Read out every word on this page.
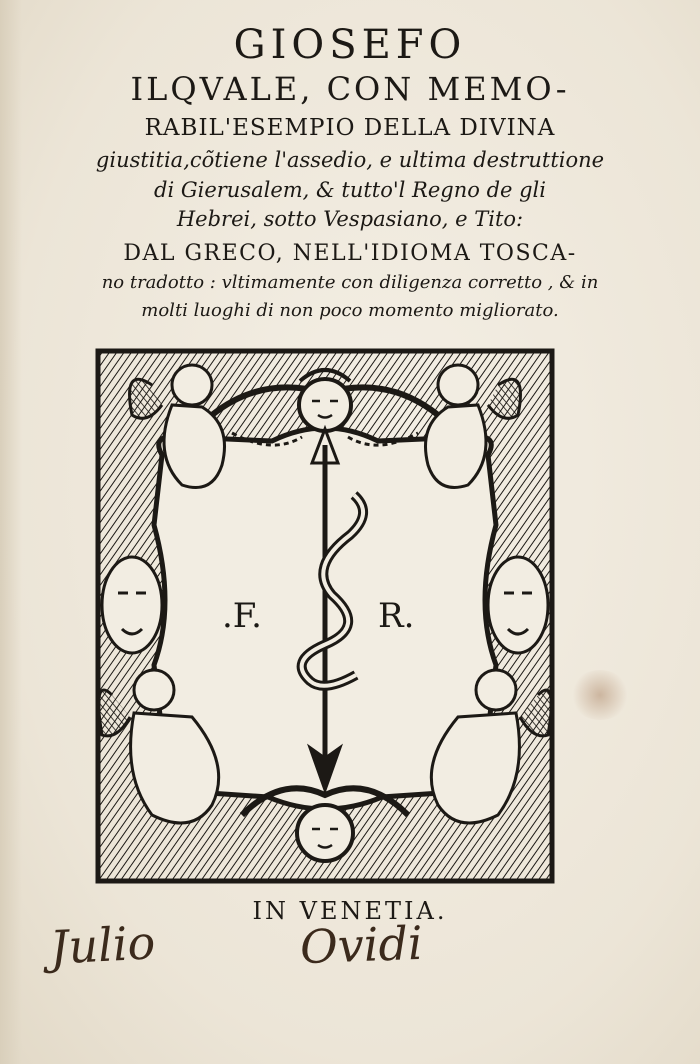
GIOSEFO
ILQVALE, CON MEMO-
RABIL'ESEMPIO DELLA DIVINA
giustitia,cõtiene l'assedio, e ultima destruttione
di Gierusalem, & tutto'l Regno de gli
Hebrei, sotto Vespasiano, e Tito:
DAL GRECO, NELL'IDIOMA TOSCA-
no tradotto : vltimamente con diligenza corretto , & in
molti luoghi di non poco momento migliorato.
.F.	R.
IN VENETIA.
Julio	Ovidi
